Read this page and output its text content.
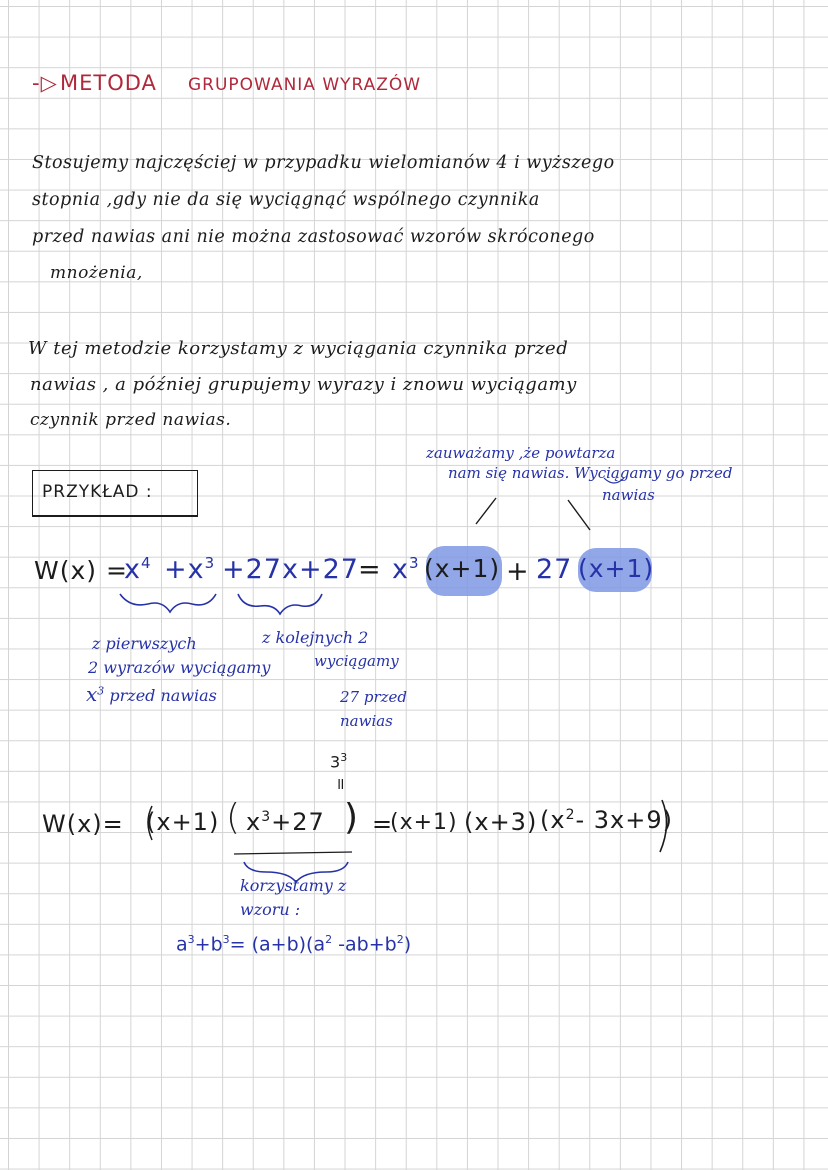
-▷ METODA GRUPOWANIA WYRAZÓW
Stosujemy najczęściej w przypadku wielomianów 4 i wyższego
stopnia ,gdy nie da się wyciągnąć wspólnego czynnika
przed nawias ani nie można zastosować wzorów skróconego
mnożenia,
W tej metodzie korzystamy z wyciągania czynnika przed
nawias , a później grupujemy wyrazy i znowu wyciągamy
czynnik przed nawias.
PRZYKŁAD :
zauważamy ,że powtarza
nam się nawias. Wyciągamy go przed
nawias
W(x) =
$x^4 +x^3 +27x+27 = x^3$ (x+1) + 27 (x+1)
z pierwszych
2 wyrazów wyciągamy
$x^3$ przed nawias
z kolejnych 2
wyciągamy
27 przed
nawias
=
$3^3$
W(x)= (x+1) ( $x^3+27$ ) =
(x+1) (x+3) ($x^2-$ 3x+9)
korzystamy z
wzoru :
$a^3+b^3= (a+b)(a^2$ $-ab+b^2$)
